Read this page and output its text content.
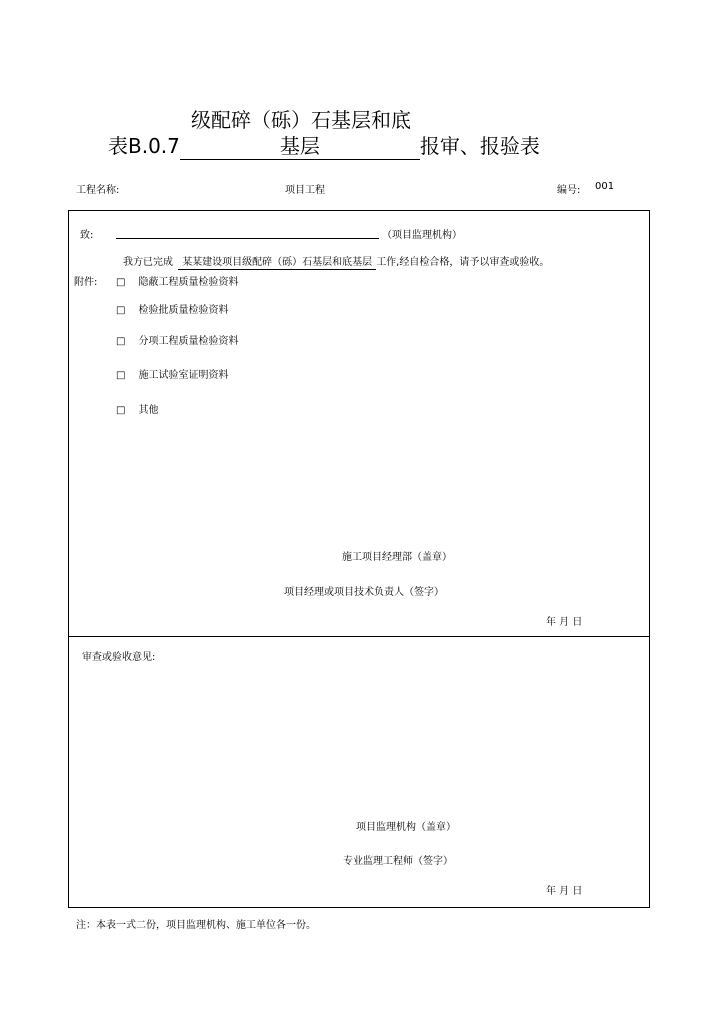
级配碎（砾）石基层和底
表B.0.7	基层	报审、报验表
工程名称:	项目工程	编号: 001
致:	（项目监理机构）
我方已完成 某某建设项目级配碎（砾）石基层和底基层 工作,经自检合格，请予以审查或验收。
附件: □ 隐蔽工程质量检验资料
□ 检验批质量检验资料
□ 分项工程质量检验资料
□ 施工试验室证明资料
□ 其他
施工项目经理部（盖章）
项目经理或项目技术负责人（签字）
年 月 日
审查或验收意见:
项目监理机构（盖章）
专业监理工程师（签字）
年 月 日
注：本表一式二份，项目监理机构、施工单位各一份。
